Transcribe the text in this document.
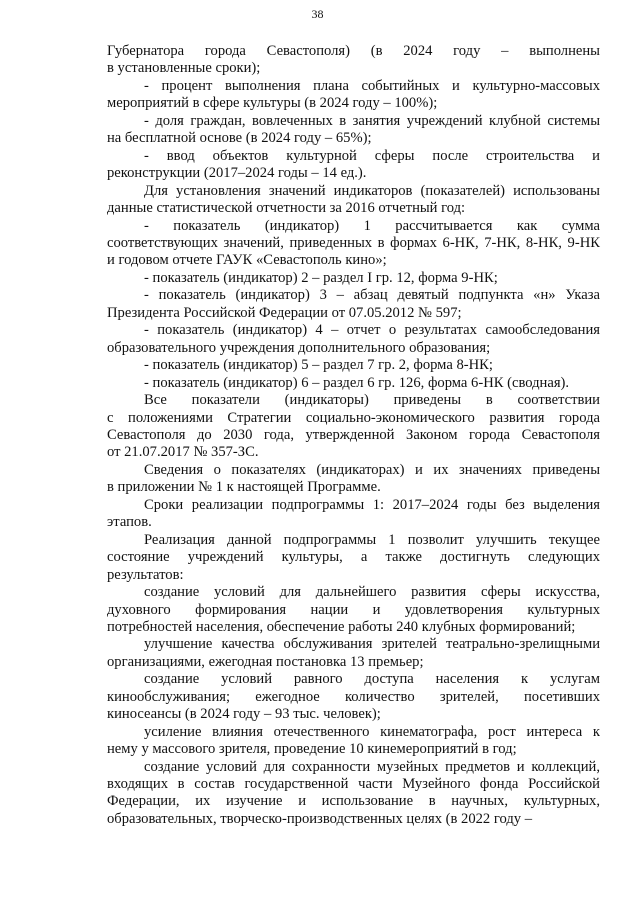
38
Губернатора города Севастополя) (в 2024 году – выполнены
в установленные сроки);
- процент выполнения плана событийных и культурно-массовых
мероприятий в сфере культуры (в 2024 году – 100%);
- доля граждан, вовлеченных в занятия учреждений клубной системы
на бесплатной основе (в 2024 году – 65%);
- ввод объектов культурной сферы после строительства и
реконструкции (2017–2024 годы – 14 ед.).
Для установления значений индикаторов (показателей) использованы
данные статистической отчетности за 2016 отчетный год:
- показатель (индикатор) 1 рассчитывается как сумма
соответствующих значений, приведенных в формах 6-НК, 7-НК, 8-НК, 9-НК
и годовом отчете ГАУК «Севастополь кино»;
- показатель (индикатор) 2 – раздел I гр. 12, форма 9-НК;
- показатель (индикатор) 3 – абзац девятый подпункта «н» Указа
Президента Российской Федерации от 07.05.2012 № 597;
- показатель (индикатор) 4 – отчет о результатах самообследования
образовательного учреждения дополнительного образования;
- показатель (индикатор) 5 – раздел 7 гр. 2, форма 8-НК;
- показатель (индикатор) 6 – раздел 6 гр. 126, форма 6-НК (сводная).
Все показатели (индикаторы) приведены в соответствии
с положениями Стратегии социально-экономического развития города
Севастополя до 2030 года, утвержденной Законом города Севастополя
от 21.07.2017 № 357-ЗС.
Сведения о показателях (индикаторах) и их значениях приведены
в приложении № 1 к настоящей Программе.
Сроки реализации подпрограммы 1: 2017–2024 годы без выделения
этапов.
Реализация данной подпрограммы 1 позволит улучшить текущее
состояние учреждений культуры, а также достигнуть следующих
результатов:
создание условий для дальнейшего развития сферы искусства,
духовного формирования нации и удовлетворения культурных
потребностей населения, обеспечение работы 240 клубных формирований;
улучшение качества обслуживания зрителей театрально-зрелищными
организациями, ежегодная постановка 13 премьер;
создание условий равного доступа населения к услугам
кинообслуживания; ежегодное количество зрителей, посетивших
киносеансы (в 2024 году – 93 тыс. человек);
усиление влияния отечественного кинематографа, рост интереса к
нему у массового зрителя, проведение 10 кинемероприятий в год;
создание условий для сохранности музейных предметов и коллекций,
входящих в состав государственной части Музейного фонда Российской
Федерации, их изучение и использование в научных, культурных,
образовательных, творческо-производственных целях (в 2022 году –
